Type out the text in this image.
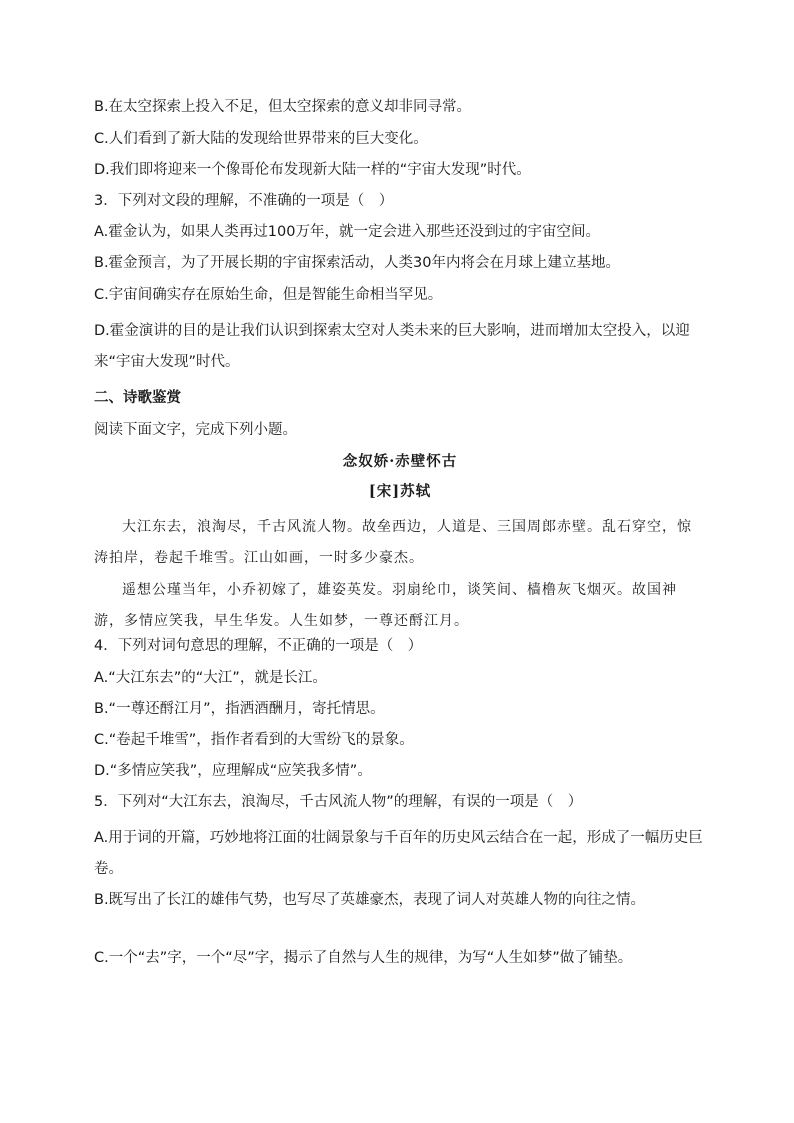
B.在太空探索上投入不足，但太空探索的意义却非同寻常。
C.人们看到了新大陆的发现给世界带来的巨大变化。
D.我们即将迎来一个像哥伦布发现新大陆一样的“宇宙大发现”时代。
3．下列对文段的理解，不准确的一项是（　）
A.霍金认为，如果人类再过100万年，就一定会进入那些还没到过的宇宙空间。
B.霍金预言，为了开展长期的宇宙探索活动，人类30年内将会在月球上建立基地。
C.宇宙间确实存在原始生命，但是智能生命相当罕见。
D.霍金演讲的目的是让我们认识到探索太空对人类未来的巨大影响，进而增加太空投入，以迎来“宇宙大发现”时代。
二、诗歌鉴赏
阅读下面文字，完成下列小题。
念奴娇·赤壁怀古
[宋]苏轼
大江东去，浪淘尽，千古风流人物。故垒西边，人道是、三国周郎赤壁。乱石穿空，惊涛拍岸，卷起千堆雪。江山如画，一时多少豪杰。
遥想公瑾当年，小乔初嫁了，雄姿英发。羽扇纶巾，谈笑间、樯橹灰飞烟灭。故国神游，多情应笑我，早生华发。人生如梦，一尊还酹江月。
4．下列对词句意思的理解，不正确的一项是（　）
A.“大江东去”的“大江”，就是长江。
B.“一尊还酹江月”，指洒酒酬月，寄托情思。
C.“卷起千堆雪”，指作者看到的大雪纷飞的景象。
D.“多情应笑我”，应理解成“应笑我多情”。
5．下列对“大江东去，浪淘尽，千古风流人物”的理解，有误的一项是（　）
A.用于词的开篇，巧妙地将江面的壮阔景象与千百年的历史风云结合在一起，形成了一幅历史巨卷。
B.既写出了长江的雄伟气势，也写尽了英雄豪杰，表现了词人对英雄人物的向往之情。
C.一个“去”字，一个“尽”字，揭示了自然与人生的规律，为写“人生如梦”做了铺垫。
